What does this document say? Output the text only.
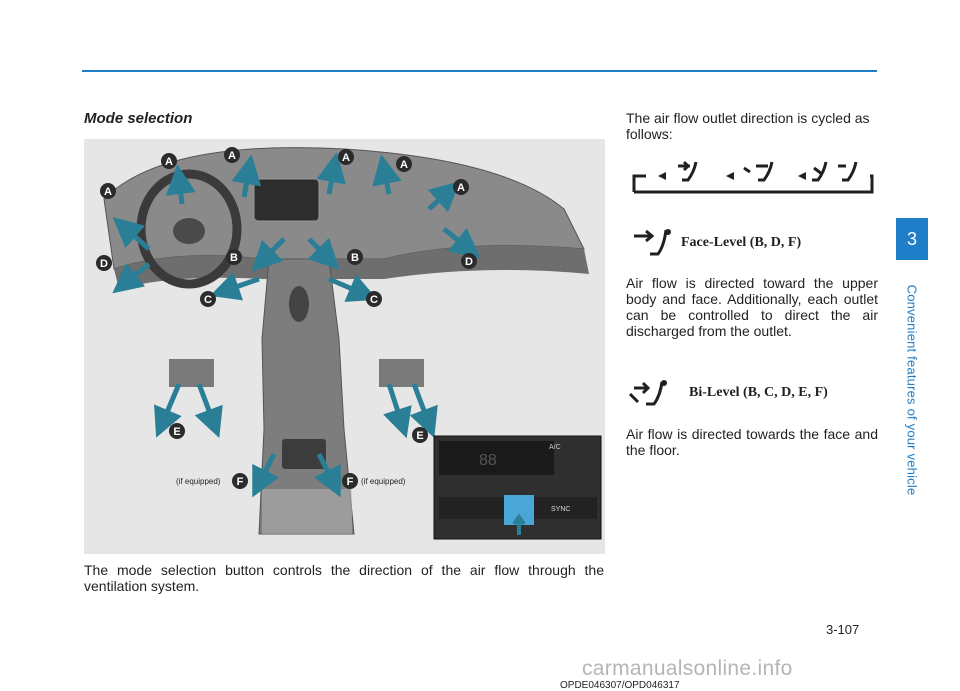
Mode selection
A	A	A
A
A	A
B	B
C	C
D	D
E	E
F	F
(if equipped)	(if equipped)
88
A/C
SYNC
OPDE046307/OPD046317
The mode selection button controls the direction of the air flow through the ventilation system.
The air flow outlet direction is cycled as follows:
Face-Level (B, D, F)
Air flow is directed toward the upper body and face. Additionally, each outlet can be controlled to direct the air discharged from the outlet.
Bi-Level (B, C, D, E, F)
Air flow is directed towards the face and the floor.
3
Convenient features of your vehicle
3-107
carmanualsonline.info
